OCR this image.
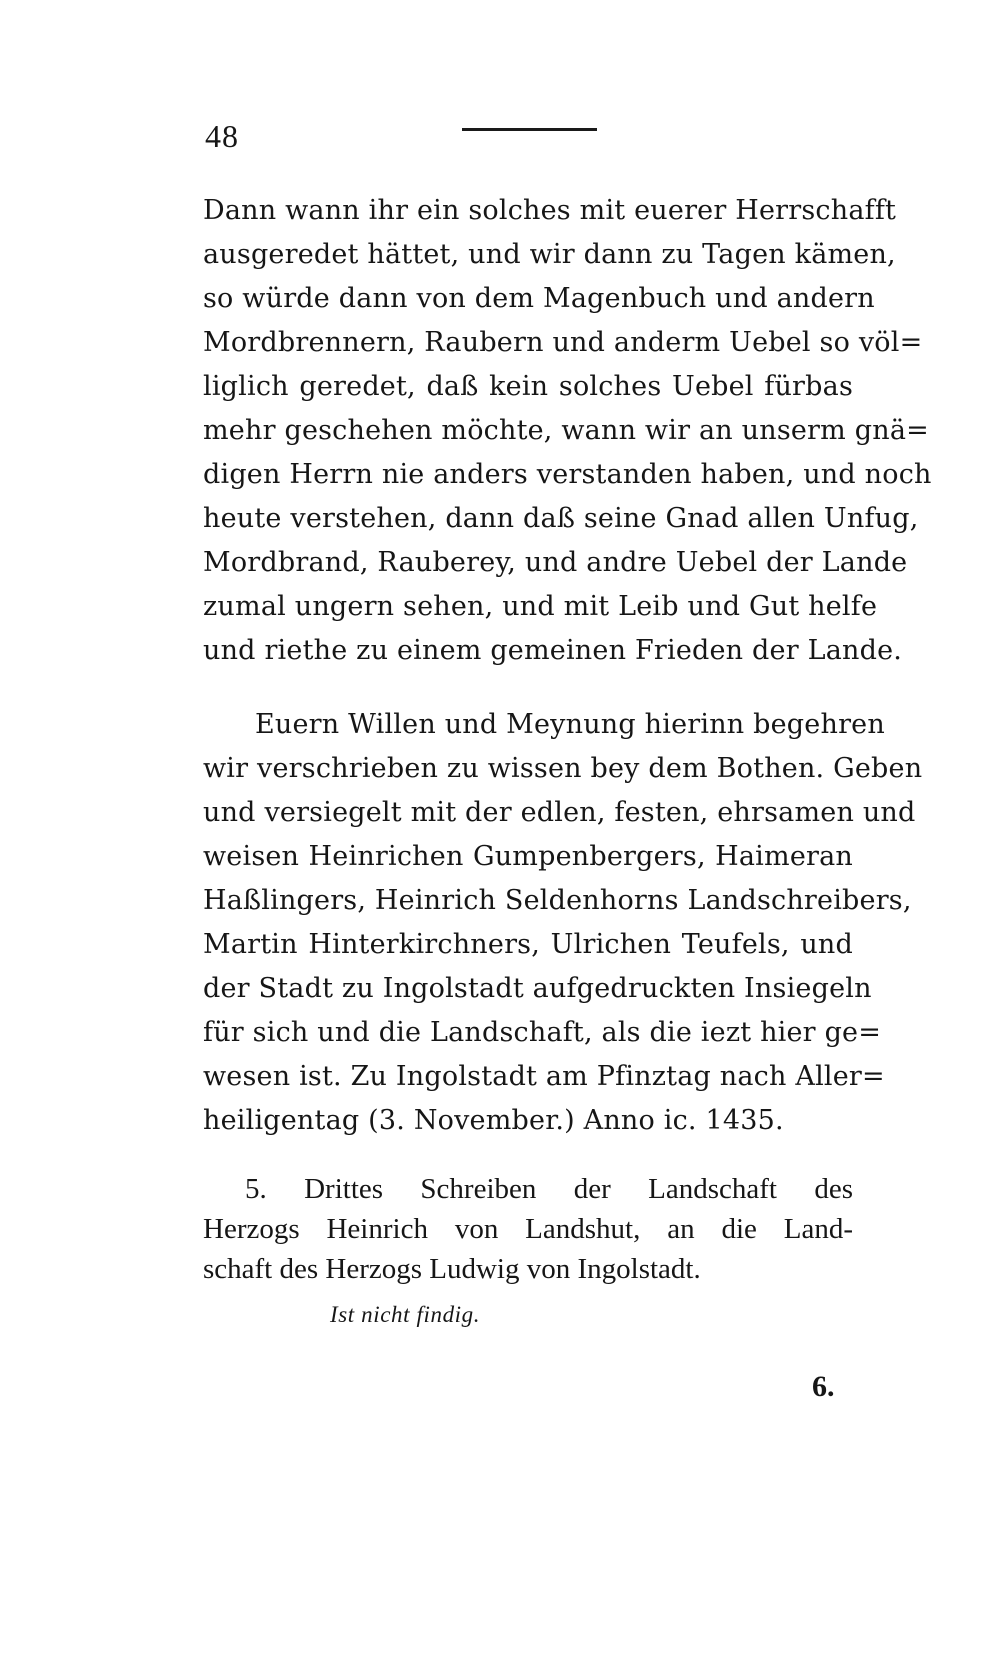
48
Dann wann ihr ein solches mit euerer Herrschafft
ausgeredet hättet, und wir dann zu Tagen kämen,
so würde dann von dem Magenbuch und andern
Mordbrennern, Raubern und anderm Uebel so völ=
liglich geredet, daß kein solches Uebel fürbas
mehr geschehen möchte, wann wir an unserm gnä=
digen Herrn nie anders verstanden haben, und noch
heute verstehen, dann daß seine Gnad allen Unfug,
Mordbrand, Rauberey, und andre Uebel der Lande
zumal ungern sehen, und mit Leib und Gut helfe
und riethe zu einem gemeinen Frieden der Lande.
Euern Willen und Meynung hierinn begehren
wir verschrieben zu wissen bey dem Bothen. Geben
und versiegelt mit der edlen, festen, ehrsamen und
weisen Heinrichen Gumpenbergers, Haimeran
Haßlingers, Heinrich Seldenhorns Landschreibers,
Martin Hinterkirchners, Ulrichen Teufels, und
der Stadt zu Ingolstadt aufgedruckten Insiegeln
für sich und die Landschaft, als die iezt hier ge=
wesen ist. Zu Ingolstadt am Pfinztag nach Aller=
heiligentag (3. November.) Anno ic. 1435.
5. Drittes Schreiben der Landschaft des
Herzogs Heinrich von Landshut, an die Land-
schaft des Herzogs Ludwig von Ingolstadt.
Ist nicht findig.
6.
